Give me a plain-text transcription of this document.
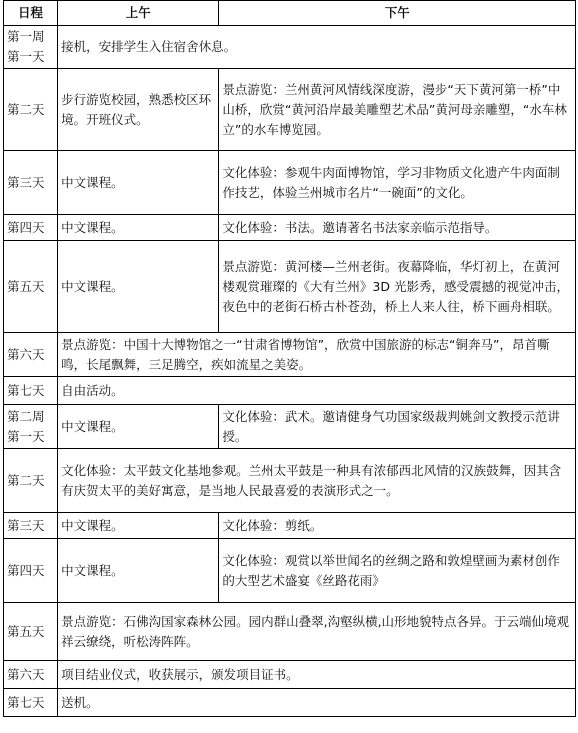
日程	上午	下午
第一周第一天	接机，安排学生入住宿舍休息。	
第二天	步行游览校园，熟悉校区环境。开班仪式。	景点游览：兰州黄河风情线深度游，漫步“天下黄河第一桥”中山桥，欣赏“黄河沿岸最美雕塑艺术品”黄河母亲雕塑，“水车林立”的水车博览园。
第三天	中文课程。	文化体验：参观牛肉面博物馆，学习非物质文化遗产牛肉面制作技艺，体验兰州城市名片“一碗面”的文化。
第四天	中文课程。	文化体验：书法。邀请著名书法家亲临示范指导。
第五天	中文课程。	景点游览：黄河楼—兰州老街。夜幕降临，华灯初上，在黄河楼观赏璀璨的《大有兰州》3D 光影秀，感受震撼的视觉冲击，夜色中的老街石桥古朴苍劲，桥上人来人往，桥下画舟相联。
第六天	景点游览：中国十大博物馆之一“甘肃省博物馆”，欣赏中国旅游的标志“铜奔马”，昂首嘶鸣，长尾飘舞，三足腾空，疾如流星之美姿。	
第七天	自由活动。	
第二周第一天	中文课程。	文化体验：武术。邀请健身气功国家级裁判姚剑文教授示范讲授。
第二天	文化体验：太平鼓文化基地参观。兰州太平鼓是一种具有浓郁西北风情的汉族鼓舞，因其含有庆贺太平的美好寓意，是当地人民最喜爱的表演形式之一。	
第三天	中文课程。	文化体验：剪纸。
第四天	中文课程。	文化体验：观赏以举世闻名的丝绸之路和敦煌壁画为素材创作的大型艺术盛宴《丝路花雨》
第五天	景点游览：石佛沟国家森林公园。园内群山叠翠,沟壑纵横,山形地貌特点各异。于云端仙境观祥云缭绕，听松涛阵阵。	
第六天	项目结业仪式，收获展示，颁发项目证书。	
第七天	送机。	
